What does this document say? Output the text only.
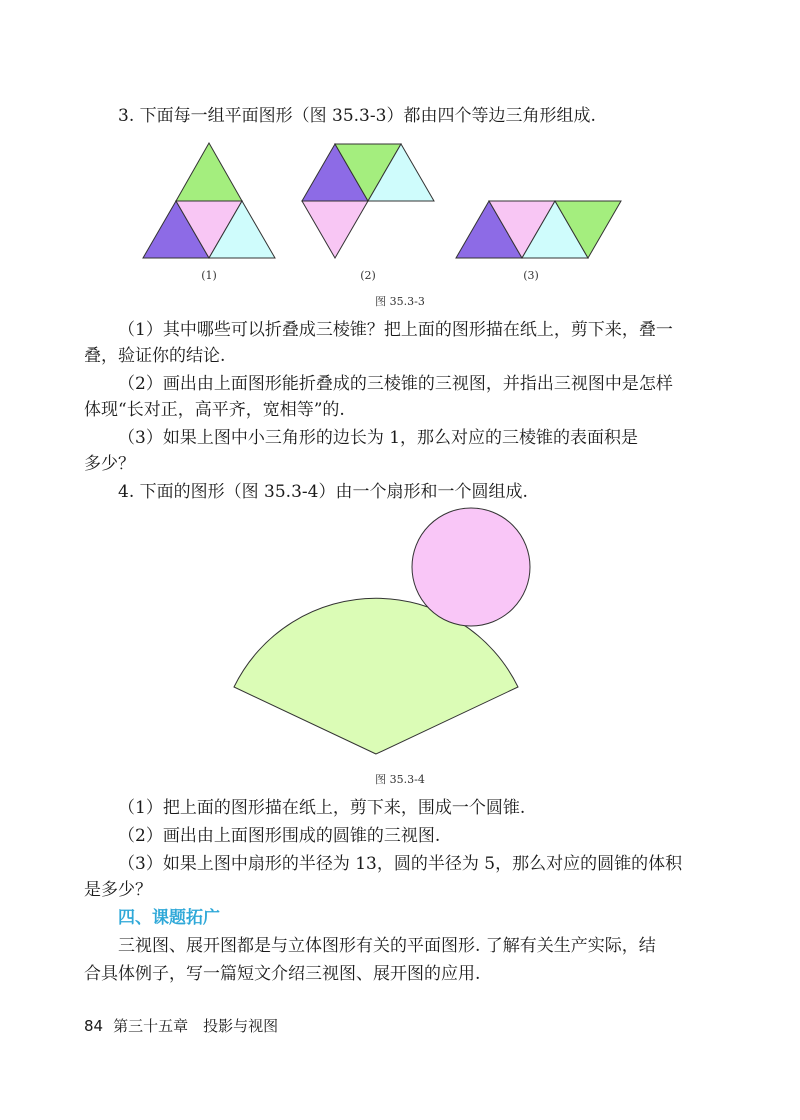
3. 下面每一组平面图形（图 35.3-3）都由四个等边三角形组成.
(1)	(2)	(3)
图 35.3-3
（1）其中哪些可以折叠成三棱锥？把上面的图形描在纸上，剪下来，叠一
叠，验证你的结论.
（2）画出由上面图形能折叠成的三棱锥的三视图，并指出三视图中是怎样
体现“长对正，高平齐，宽相等”的.
（3）如果上图中小三角形的边长为 1，那么对应的三棱锥的表面积是
多少？
4. 下面的图形（图 35.3-4）由一个扇形和一个圆组成.
图 35.3-4
（1）把上面的图形描在纸上，剪下来，围成一个圆锥.
（2）画出由上面图形围成的圆锥的三视图.
（3）如果上图中扇形的半径为 13，圆的半径为 5，那么对应的圆锥的体积
是多少？
四、课题拓广
三视图、展开图都是与立体图形有关的平面图形. 了解有关生产实际，结
合具体例子，写一篇短文介绍三视图、展开图的应用.
84 第三十五章　投影与视图
